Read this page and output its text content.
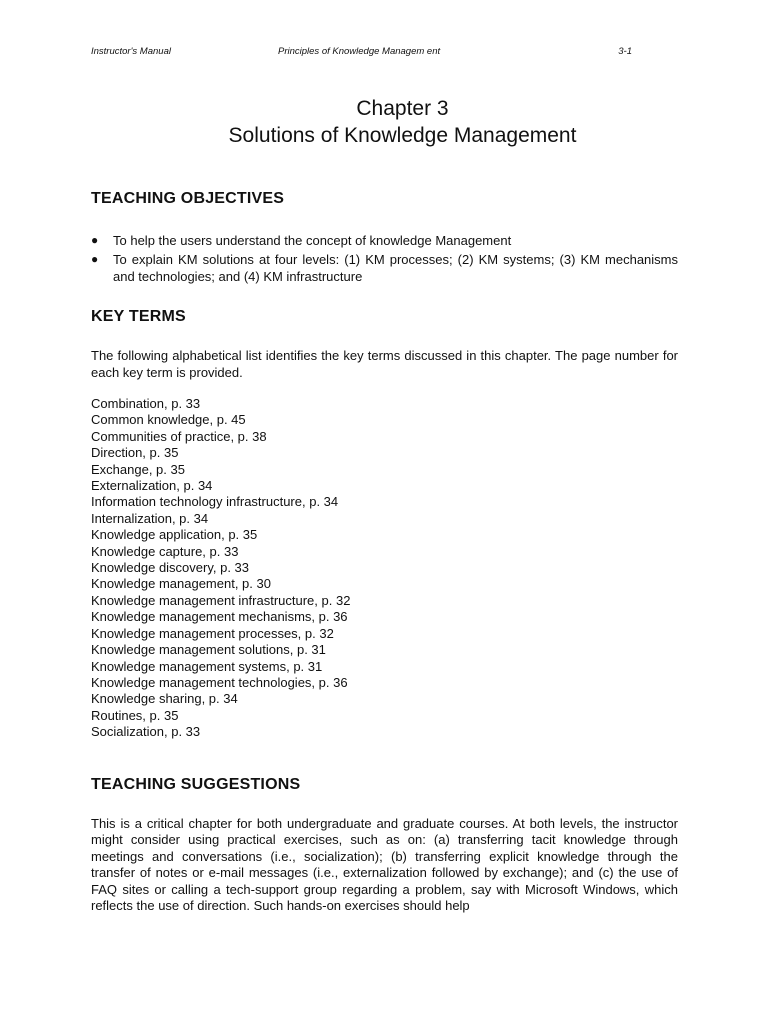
Instructor's Manual	Principles of Knowledge Managem ent	3-1
Chapter 3
Solutions of Knowledge Management
TEACHING OBJECTIVES
● To help the users understand the concept of knowledge Management
● To explain KM solutions at four levels: (1) KM processes; (2) KM systems; (3) KM mechanisms and technologies; and (4) KM infrastructure
KEY TERMS

The following alphabetical list identifies the key terms discussed in this chapter. The page number for each key term is provided.

Combination, p. 33
Common knowledge, p. 45
Communities of practice, p. 38
Direction, p. 35
Exchange, p. 35
Externalization, p. 34
Information technology infrastructure, p. 34
Internalization, p. 34
Knowledge application, p. 35
Knowledge capture, p. 33
Knowledge discovery, p. 33
Knowledge management, p. 30
Knowledge management infrastructure, p. 32
Knowledge management mechanisms, p. 36
Knowledge management processes, p. 32
Knowledge management solutions, p. 31
Knowledge management systems, p. 31
Knowledge management technologies, p. 36
Knowledge sharing, p. 34
Routines, p. 35
Socialization, p. 33
TEACHING SUGGESTIONS

This is a critical chapter for both undergraduate and graduate courses. At both levels, the instructor might consider using practical exercises, such as on: (a) transferring tacit knowledge through meetings and conversations (i.e., socialization); (b) transferring explicit knowledge through the transfer of notes or e-mail messages (i.e., externalization followed by exchange); and (c) the use of FAQ sites or calling a tech-support group regarding a problem, say with Microsoft Windows, which reflects the use of direction. Such hands-on exercises should help
